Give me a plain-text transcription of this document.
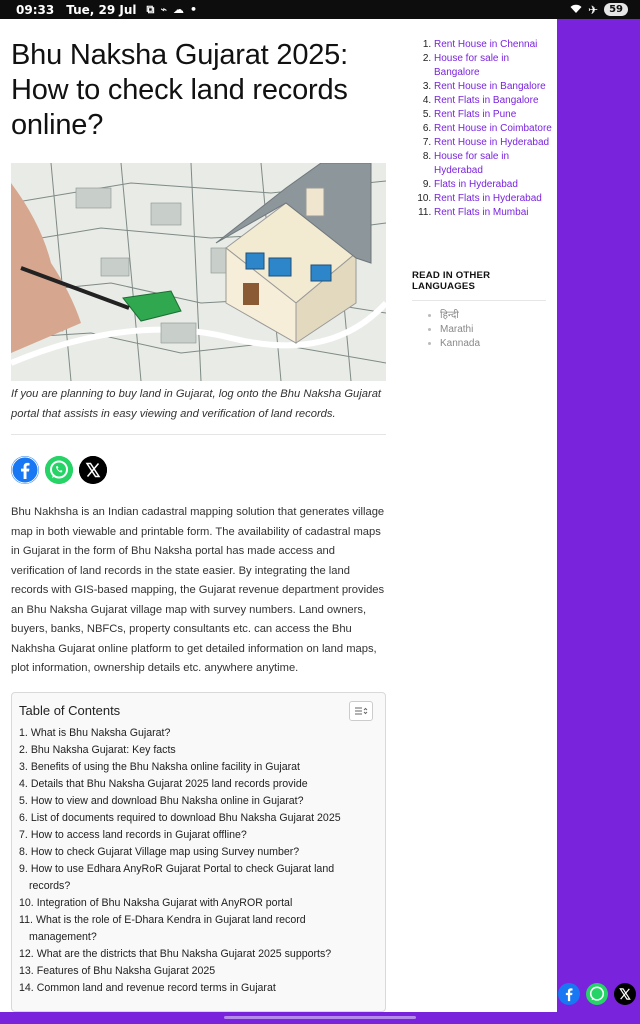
09:33 Tue, 29 Jul ⧉ ⌁ ☁ •	✈	59
Bhu Naksha Gujarat 2025: How to check land records online?

If you are planning to buy land in Gujarat, log onto the Bhu Naksha Gujarat portal that assists in easy viewing and verification of land records.

Bhu Nakhsha is an Indian cadastral mapping solution that generates village map in both viewable and printable form. The availability of cadastral maps in Gujarat in the form of Bhu Naksha portal has made access and verification of land records in the state easier. By integrating the land records with GIS-based mapping, the Gujarat revenue department provides an Bhu Naksha Gujarat village map with survey numbers. Land owners, buyers, banks, NBFCs, property consultants etc. can access the Bhu Nakhsha Gujarat online platform to get detailed information on land maps, plot information, ownership details etc. anywhere anytime.

Table of Contents
1. What is Bhu Naksha Gujarat?
2. Bhu Naksha Gujarat: Key facts
3. Benefits of using the Bhu Naksha online facility in Gujarat
4. Details that Bhu Naksha Gujarat 2025 land records provide
5. How to view and download Bhu Naksha online in Gujarat?
6. List of documents required to download Bhu Naksha Gujarat 2025
7. How to access land records in Gujarat offline?
8. How to check Gujarat Village map using Survey number?
9. How to use Edhara AnyRoR Gujarat Portal to check Gujarat land
records?
10. Integration of Bhu Naksha Gujarat with AnyROR portal
11. What is the role of E-Dhara Kendra in Gujarat land record
management?
12. What are the districts that Bhu Naksha Gujarat 2025 supports?
13. Features of Bhu Naksha Gujarat 2025
14. Common land and revenue record terms in Gujarat
1. Rent House in Chennai
2. House for sale in Bangalore
3. Rent House in Bangalore
4. Rent Flats in Bangalore
5. Rent Flats in Pune
6. Rent House in Coimbatore
7. Rent House in Hyderabad
8. House for sale in Hyderabad
9. Flats in Hyderabad
10. Rent Flats in Hyderabad
11. Rent Flats in Mumbai
READ IN OTHER LANGUAGES
• हिन्दी
• Marathi
• Kannada
